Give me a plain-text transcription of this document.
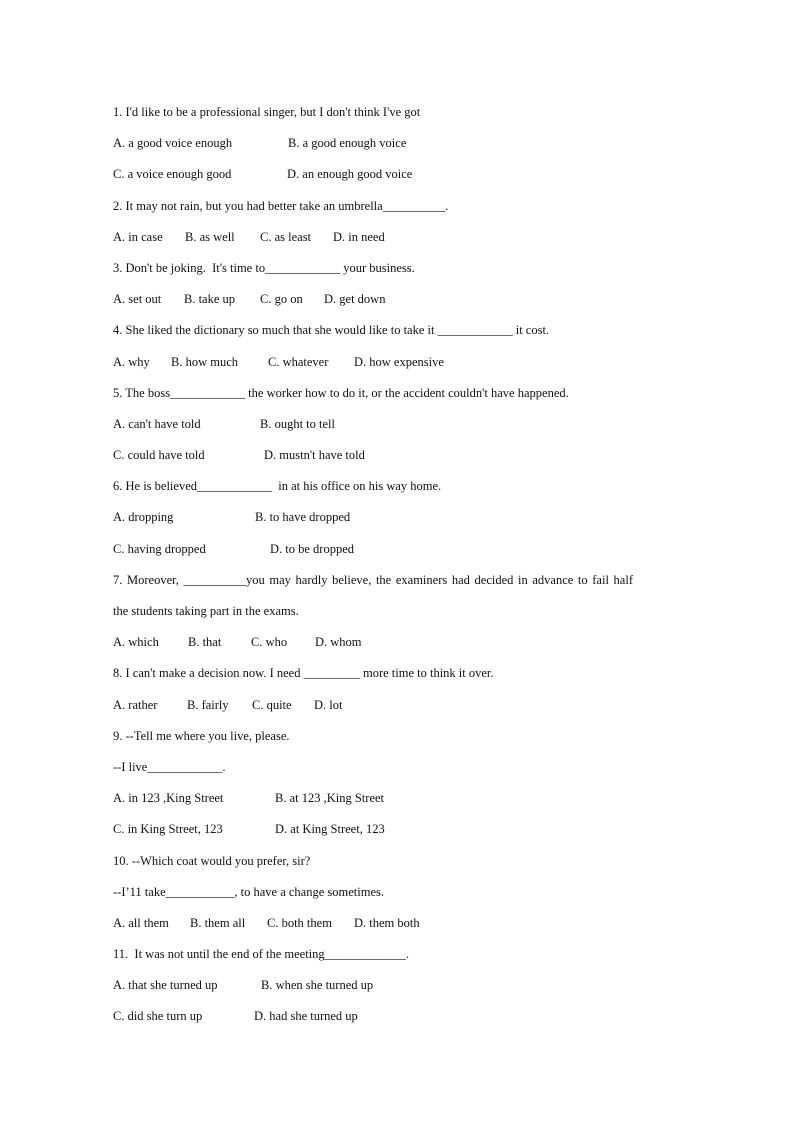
1. I'd like to be a professional singer, but I don't think I've got
A. a good voice enough	B. a good enough voice
C. a voice enough good	D. an enough good voice
2. It may not rain, but you had better take an umbrella__________.
A. in case	B. as well	C. as least	D. in need
3. Don't be joking.  It's time to____________ your business.
A. set out	B. take up	C. go on	D. get down
4. She liked the dictionary so much that she would like to take it ____________ it cost.
A. why	B. how much	C. whatever	D. how expensive
5. The boss____________ the worker how to do it, or the accident couldn't have happened.
A. can't have told	B. ought to tell
C. could have told	D. mustn't have told
6. He is believed____________  in at his office on his way home.
A. dropping	B. to have dropped
C. having dropped	D. to be dropped
7. Moreover, __________you may hardly believe, the examiners had decided in advance to fail half
the students taking part in the exams.
A. which	B. that	C. who	D. whom
8. I can't make a decision now. I need _________ more time to think it over.
A. rather	B. fairly	C. quite	D. lot
9. --Tell me where you live, please.
--I live____________.
A. in 123 ,King Street	B. at 123 ,King Street
C. in King Street, 123	D. at King Street, 123
10. --Which coat would you prefer, sir?
--I’11 take___________, to have a change sometimes.
A. all them	B. them all	C. both them	D. them both
11.  It was not until the end of the meeting_____________.
A. that she turned up	B. when she turned up
C. did she turn up	D. had she turned up
